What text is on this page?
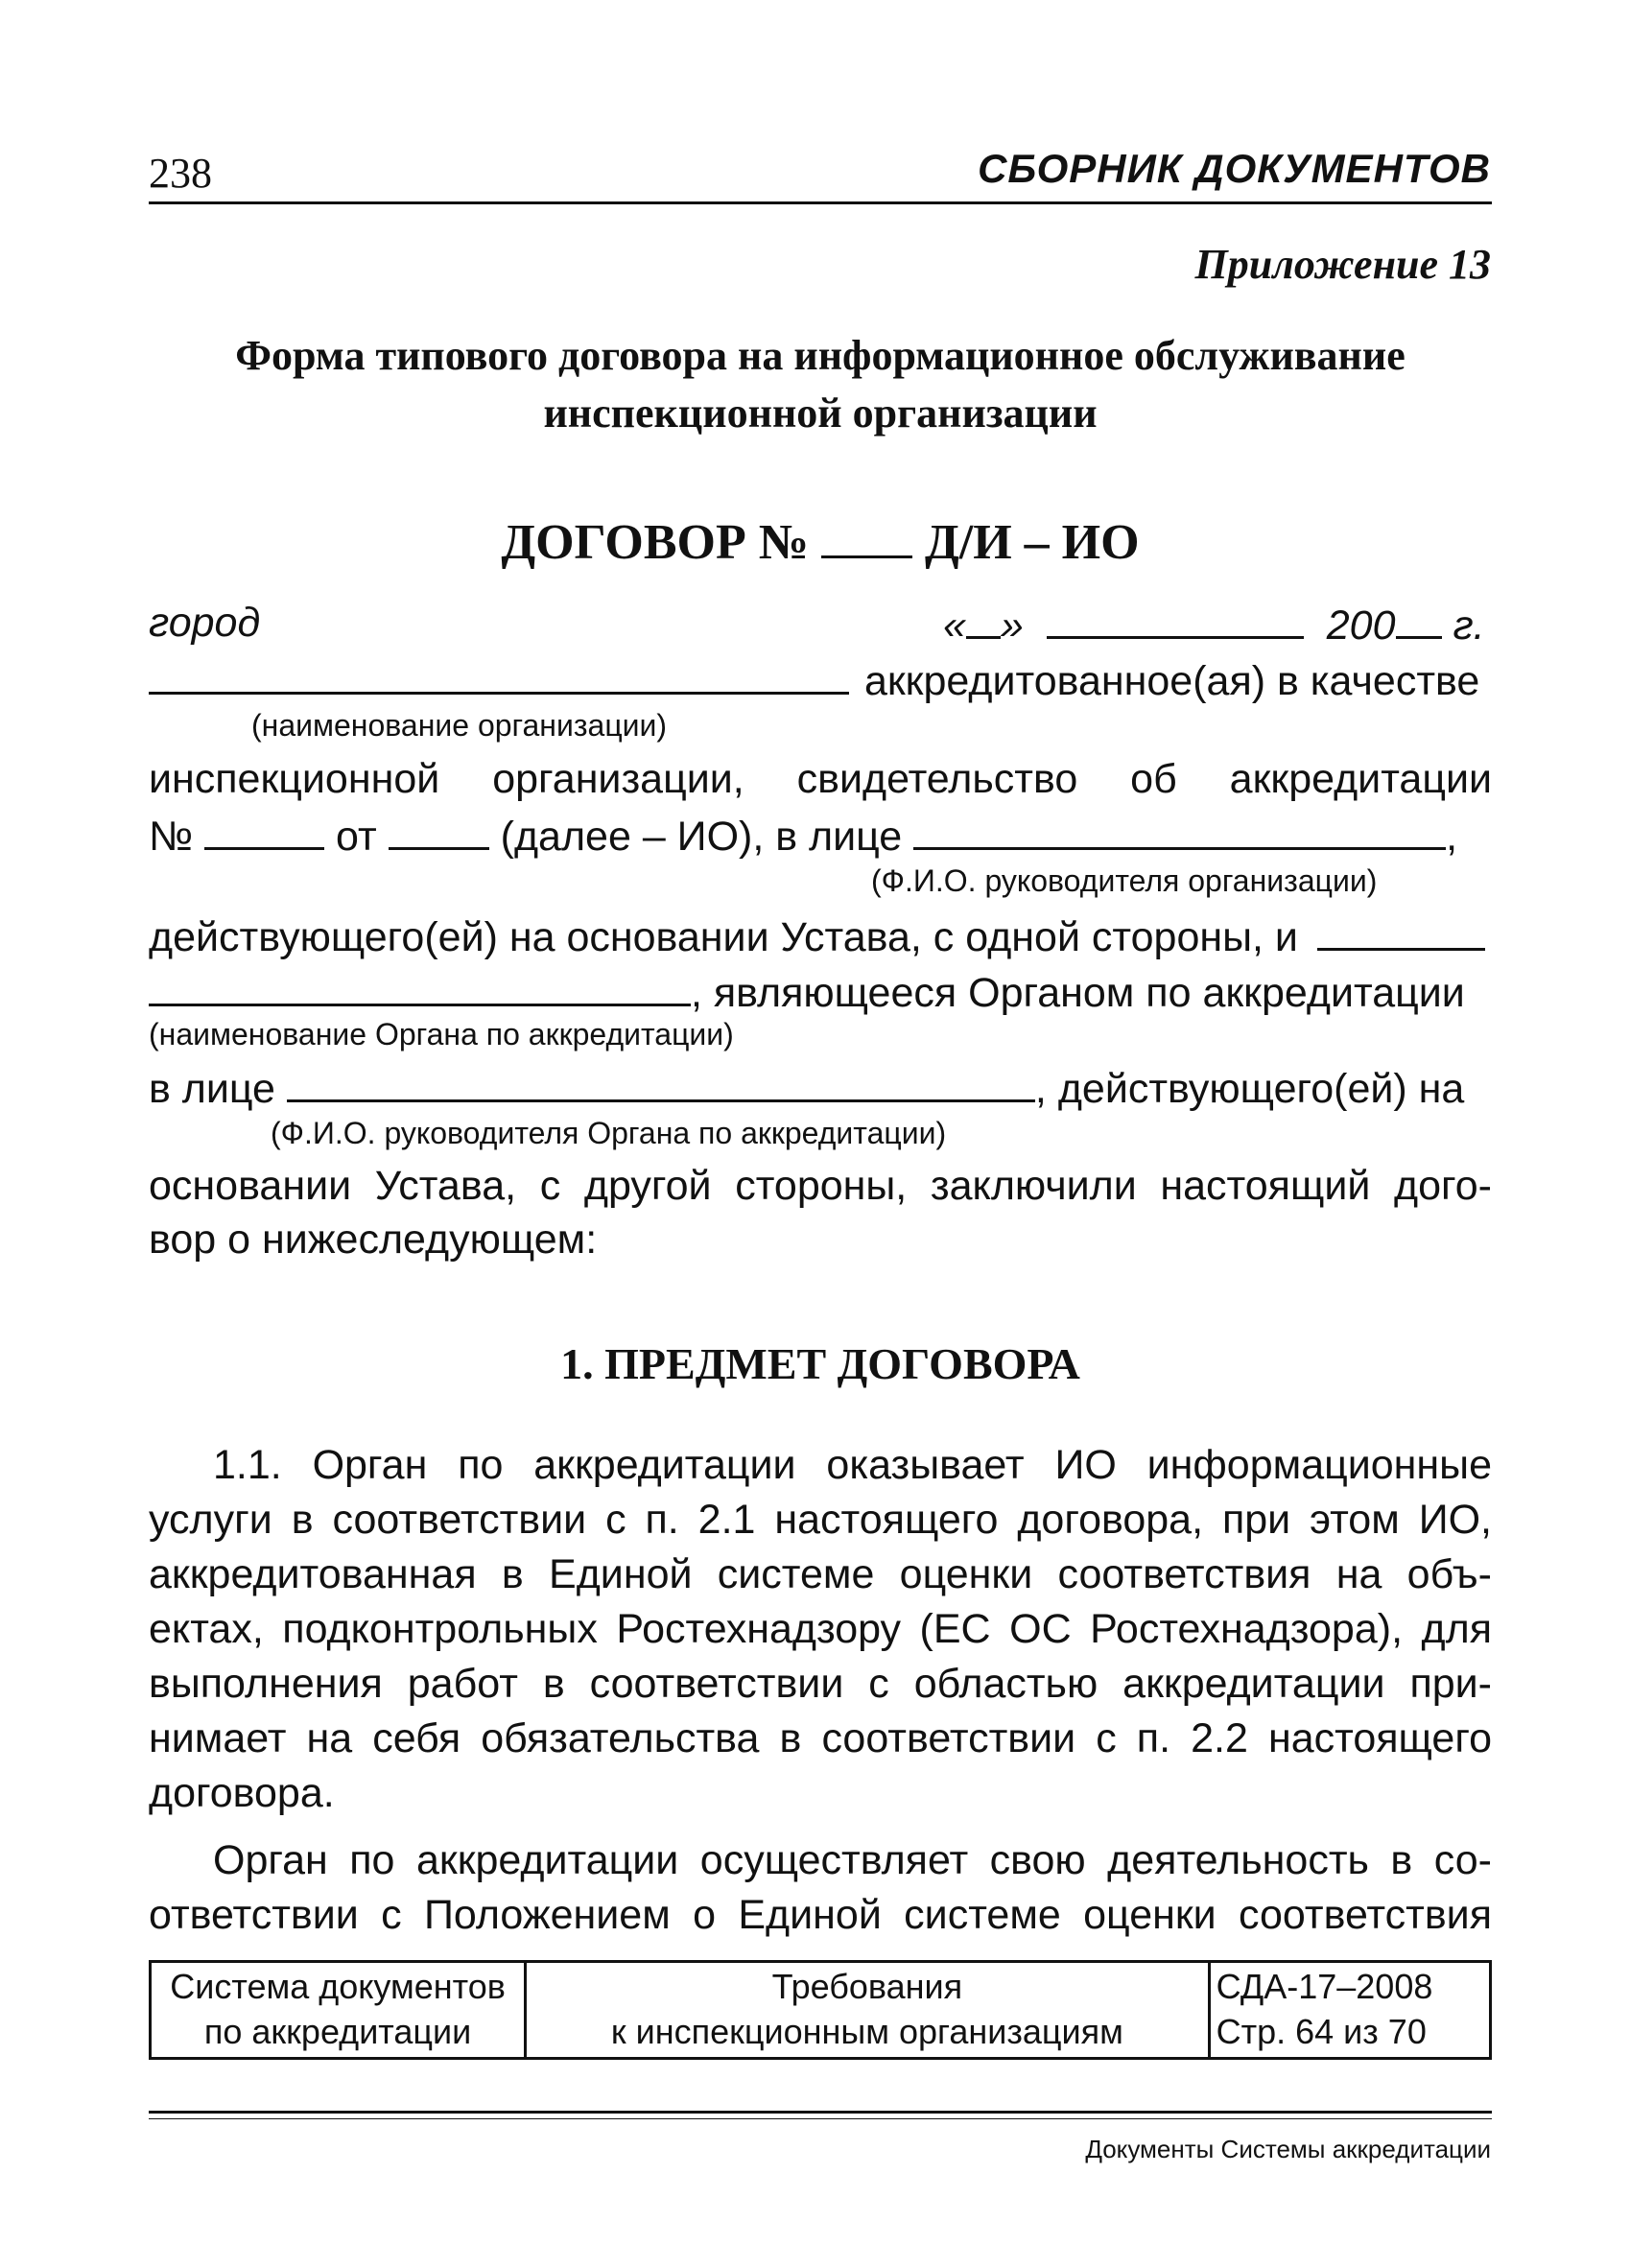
238	СБОРНИК ДОКУМЕНТОВ
Приложение 13
Форма типового договора на информационное обслуживание
инспекционной организации
ДОГОВОР № Д/И – ИО
город	« »	200 г.
аккредитованное(ая) в качестве
(наименование организации)
инспекционной организации, свидетельство об аккредитации
№	от	(далее – ИО), в лице	,
(Ф.И.О. руководителя организации)
действующего(ей) на основании Устава, с одной стороны, и
, являющееся Органом по аккредитации
(наименование Органа по аккредитации)
в лице	, действующего(ей) на
(Ф.И.О. руководителя Органа по аккредитации)
основании Устава, с другой стороны, заключили настоящий дого-
вор о нижеследующем:
1. ПРЕДМЕТ ДОГОВОРА
1.1. Орган по аккредитации оказывает ИО информационные
услуги в соответствии с п. 2.1 настоящего договора, при этом ИО,
аккредитованная в Единой системе оценки соответствия на объ-
ектах, подконтрольных Ростехнадзору (ЕС ОС Ростехнадзора), для
выполнения работ в соответствии с областью аккредитации при-
нимает на себя обязательства в соответствии с п. 2.2 настоящего
договора.
Орган по аккредитации осуществляет свою деятельность в со-
ответствии с Положением о Единой системе оценки соответствия
Система документов
по аккредитации

Требования
к инспекционным организациям

СДА-17–2008
Стр. 64 из 70
Документы Системы аккредитации
